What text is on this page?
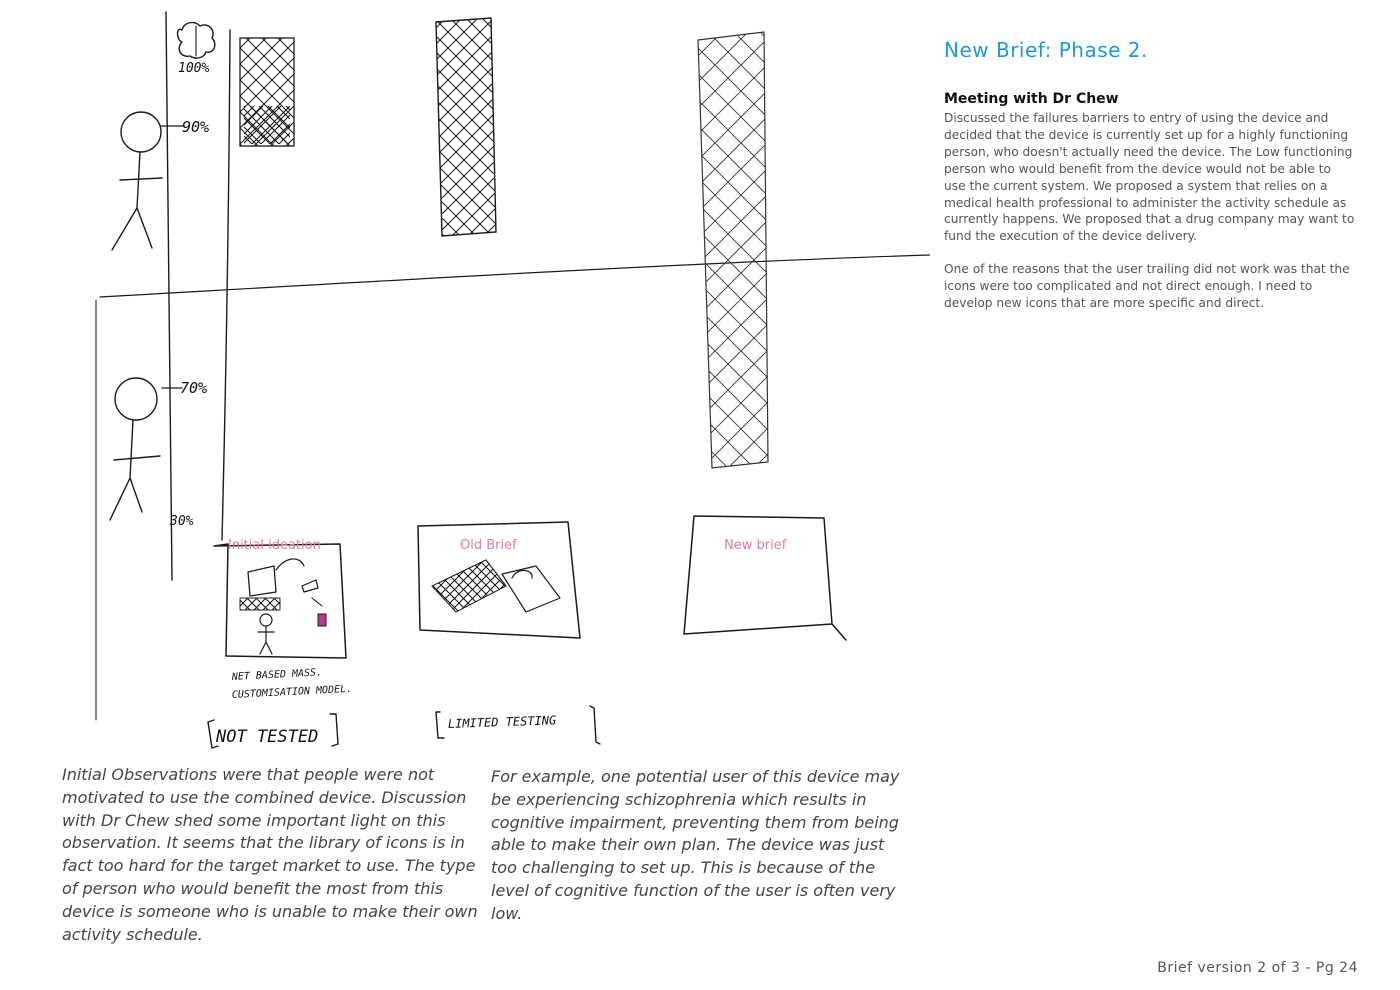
100%
90%
70%
30%
Initial ideation	Old Brief	New brief
NET BASED MASS.
CUSTOMISATION MODEL.
NOT TESTED
LIMITED TESTING
New Brief: Phase 2.
Meeting with Dr Chew

Discussed the failures barriers to entry of using the device and decided that the device is currently set up for a highly functioning person, who doesn't actually need the device. The Low functioning person who would benefit from the device would not be able to use the current system. We proposed a system that relies on a medical health professional to administer the activity schedule as currently happens. We proposed that a drug company may want to fund the execution of the device delivery.

One of the reasons that the user trailing did not work was that the icons were too complicated and not direct enough. I need to develop new icons that are more specific and direct.

Initial Observations were that people were not motivated to use the combined device. Discussion with Dr Chew shed some important light on this observation. It seems that the library of icons is in fact too hard for the target market to use. The type of person who would benefit the most from this device is someone who is unable to make their own activity schedule.

For example, one potential user of this device may be experiencing schizophrenia which results in cognitive impairment, preventing them from being able to make their own plan. The device was just too challenging to set up. This is because of the level of cognitive function of the user is often very low.

Brief version 2 of 3 - Pg 24
